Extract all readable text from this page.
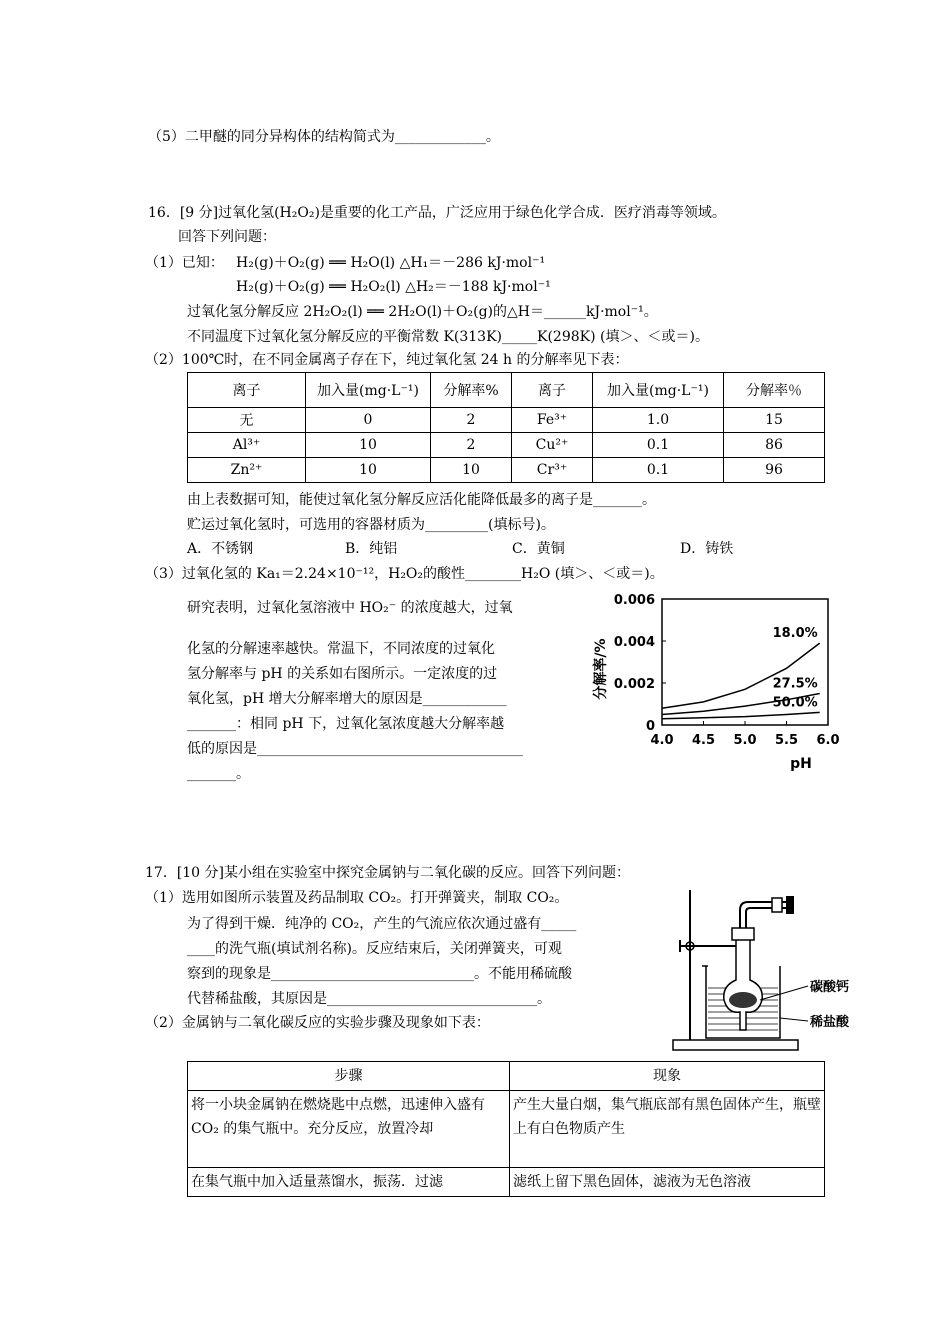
（5）二甲醚的同分异构体的结构简式为_____________。
16．[9 分]过氧化氢(H₂O₂)是重要的化工产品，广泛应用于绿色化学合成．医疗消毒等领域。
回答下列问题：
（1）已知： H₂(g)＋O₂(g) ══ H₂O(l) △H₁＝－286 kJ·mol⁻¹
H₂(g)＋O₂(g) ══ H₂O₂(l) △H₂＝－188 kJ·mol⁻¹
过氧化氢分解反应 2H₂O₂(l) ══ 2H₂O(l)＋O₂(g)的△H＝______kJ·mol⁻¹。
不同温度下过氧化氢分解反应的平衡常数 K(313K)_____K(298K) (填＞、＜或＝)。
（2）100℃时，在不同金属离子存在下，纯过氧化氢 24 h 的分解率见下表：
离子	加入量(mg·L⁻¹)	分解率%	离子	加入量(mg·L⁻¹)	分解率％
无	0	2	Fe³⁺	1.0	15
Al³⁺	10	2	Cu²⁺	0.1	86
Zn²⁺	10	10	Cr³⁺	0.1	96
由上表数据可知，能使过氧化氢分解反应活化能降低最多的离子是_______。
贮运过氧化氢时，可选用的容器材质为_________(填标号)。
A．不锈钢	B．纯铝	C．黄铜	D．铸铁
（3）过氧化氢的 Ka₁＝2.24×10⁻¹²，H₂O₂的酸性________H₂O (填＞、＜或＝)。
研究表明，过氧化氢溶液中 HO₂⁻ 的浓度越大，过氧
化氢的分解速率越快。常温下，不同浓度的过氧化
氢分解率与 pH 的关系如右图所示。一定浓度的过
氧化氢，pH 增大分解率增大的原因是____________
_______：相同 pH 下，过氧化氢浓度越大分解率越
低的原因是______________________________________
_______。
4.0 4.5 5.0 5.5 6.0
0
0.002
0.004
0.006
18.0%
27.5%
50.0%
分解率/%
pH
17．[10 分]某小组在实验室中探究金属钠与二氧化碳的反应。回答下列问题：
（1）选用如图所示装置及药品制取 CO₂。打开弹簧夹，制取 CO₂。
为了得到干燥．纯净的 CO₂，产生的气流应依次通过盛有_____
____的洗气瓶(填试剂名称)。反应结束后，关闭弹簧夹，可观
察到的现象是_____________________________。不能用稀硫酸
代替稀盐酸，其原因是______________________________。
（2）金属钠与二氧化碳反应的实验步骤及现象如下表：
碳酸钙
稀盐酸
步骤	现象
将一小块金属钠在燃烧匙中点燃，迅速伸入盛有 CO₂ 的集气瓶中。充分反应，放置冷却	产生大量白烟，集气瓶底部有黑色固体产生，瓶壁上有白色物质产生
在集气瓶中加入适量蒸馏水，振荡．过滤	滤纸上留下黑色固体，滤液为无色溶液
